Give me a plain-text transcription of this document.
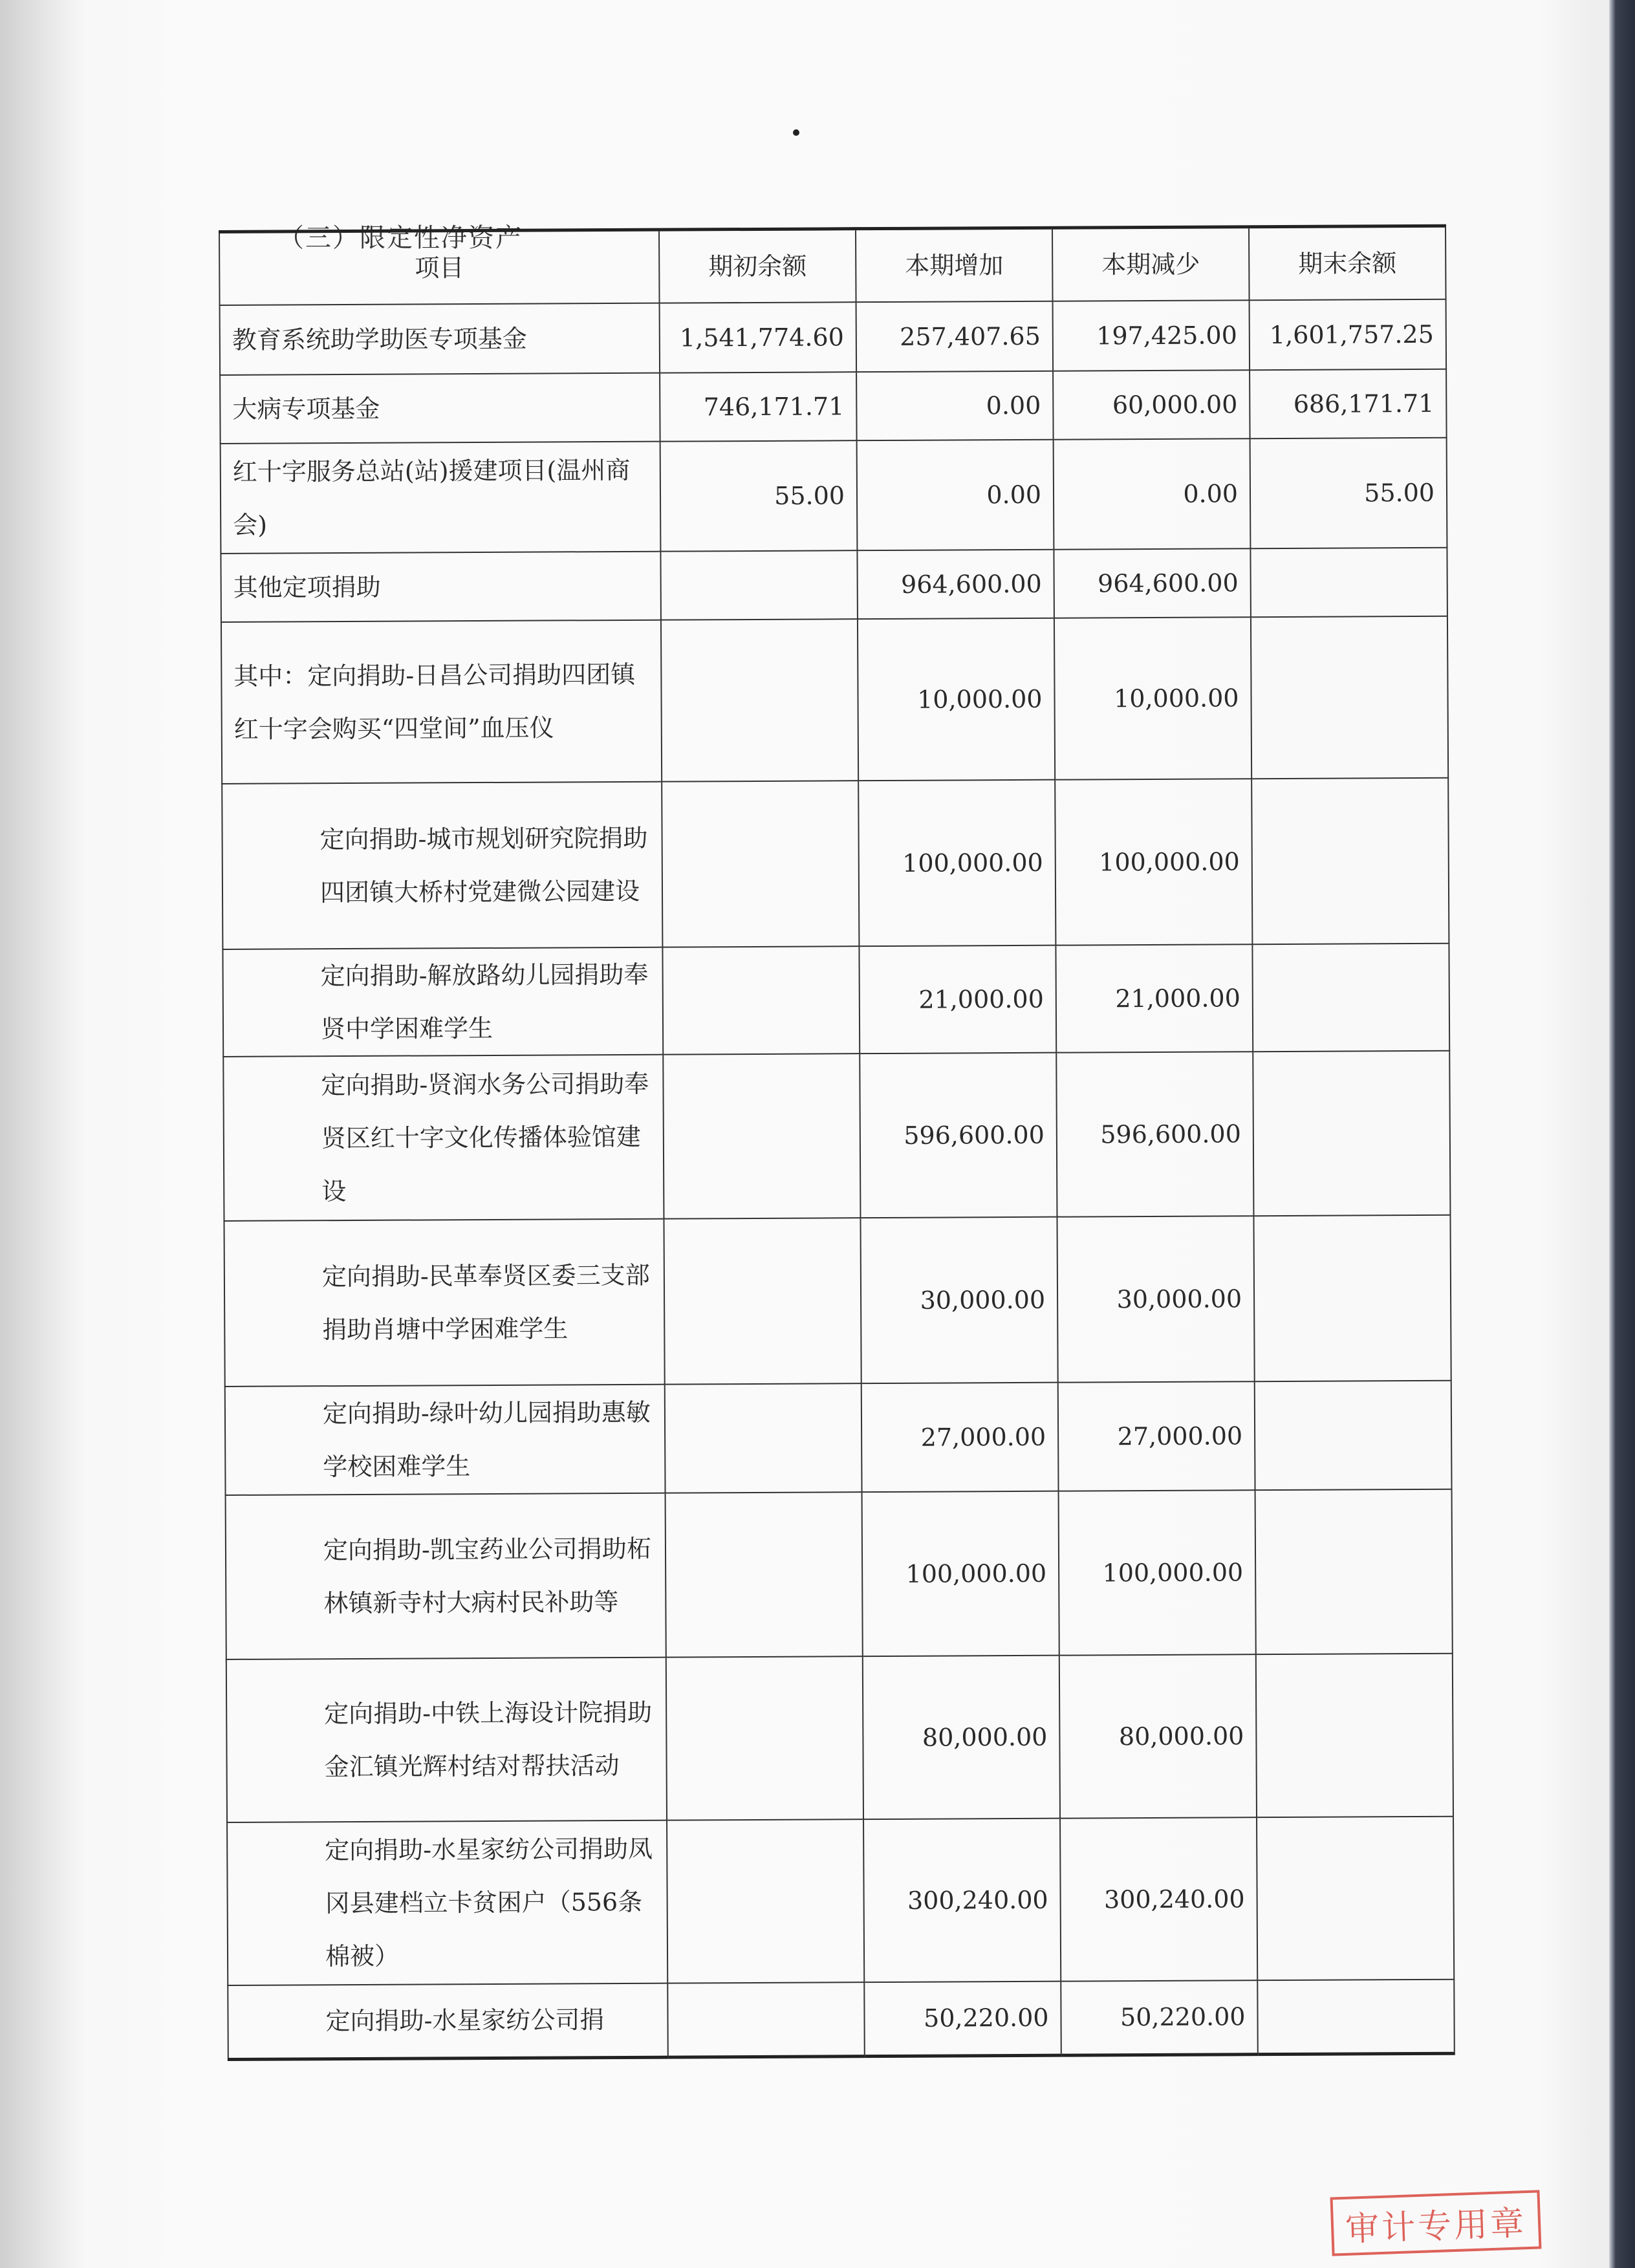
（三）限定性净资产
项目	期初余额	本期增加	本期减少	期末余额
教育系统助学助医专项基金	1,541,774.60	257,407.65	197,425.00	1,601,757.25
大病专项基金	746,171.71	0.00	60,000.00	686,171.71
红十字服务总站(站)援建项目(温州商会)	55.00	0.00	0.00	55.00
其他定项捐助		964,600.00	964,600.00	
其中：定向捐助-日昌公司捐助四团镇红十字会购买“四堂间”血压仪		10,000.00	10,000.00	
定向捐助-城市规划研究院捐助四团镇大桥村党建微公园建设		100,000.00	100,000.00	
定向捐助-解放路幼儿园捐助奉贤中学困难学生		21,000.00	21,000.00	
定向捐助-贤润水务公司捐助奉贤区红十字文化传播体验馆建设		596,600.00	596,600.00	
定向捐助-民革奉贤区委三支部捐助肖塘中学困难学生		30,000.00	30,000.00	
定向捐助-绿叶幼儿园捐助惠敏学校困难学生		27,000.00	27,000.00	
定向捐助-凯宝药业公司捐助柘林镇新寺村大病村民补助等		100,000.00	100,000.00	
定向捐助-中铁上海设计院捐助金汇镇光辉村结对帮扶活动		80,000.00	80,000.00	
定向捐助-水星家纺公司捐助凤冈县建档立卡贫困户（556条棉被）		300,240.00	300,240.00	
定向捐助-水星家纺公司捐		50,220.00	50,220.00	
审计专用章
